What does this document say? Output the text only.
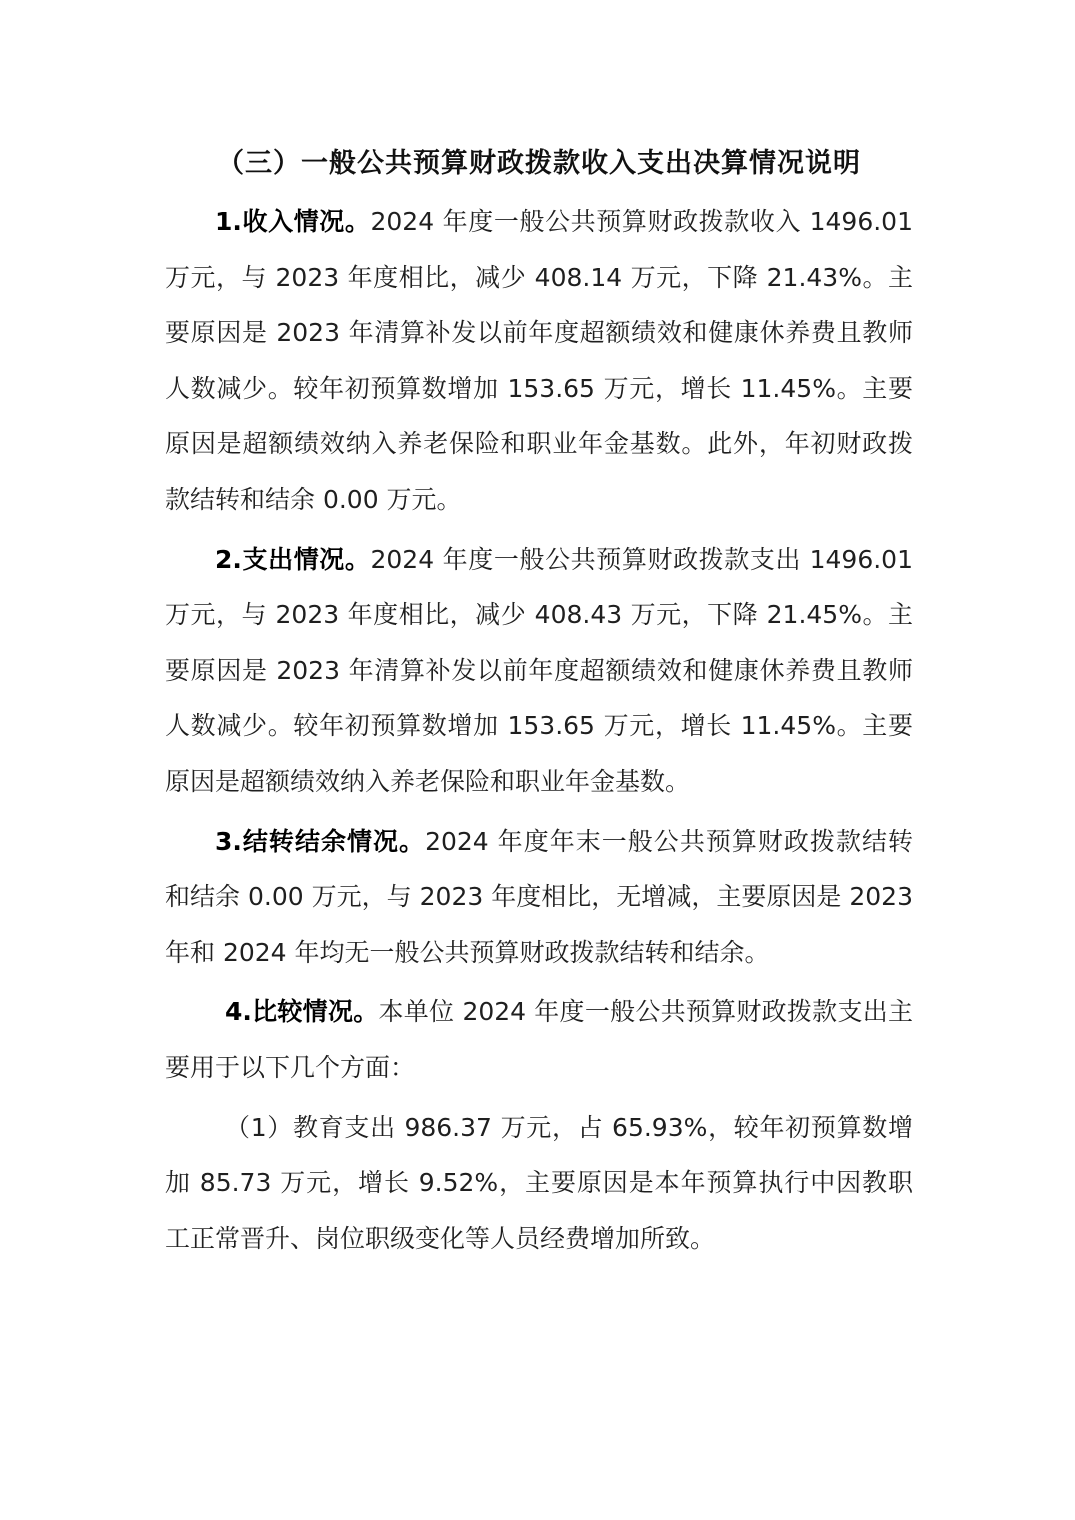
（三）一般公共预算财政拨款收入支出决算情况说明

1.收入情况。2024 年度一般公共预算财政拨款收入 1496.01 万元，与 2023 年度相比，减少 408.14 万元，下降 21.43%。主要原因是 2023 年清算补发以前年度超额绩效和健康休养费且教师人数减少。较年初预算数增加 153.65 万元，增长 11.45%。主要原因是超额绩效纳入养老保险和职业年金基数。此外，年初财政拨款结转和结余 0.00 万元。

2.支出情况。2024 年度一般公共预算财政拨款支出 1496.01 万元，与 2023 年度相比，减少 408.43 万元，下降 21.45%。主要原因是 2023 年清算补发以前年度超额绩效和健康休养费且教师人数减少。较年初预算数增加 153.65 万元，增长 11.45%。主要原因是超额绩效纳入养老保险和职业年金基数。

3.结转结余情况。2024 年度年末一般公共预算财政拨款结转和结余 0.00 万元，与 2023 年度相比，无增减，主要原因是 2023 年和 2024 年均无一般公共预算财政拨款结转和结余。

4.比较情况。本单位 2024 年度一般公共预算财政拨款支出主要用于以下几个方面：

（1）教育支出 986.37 万元，占 65.93%，较年初预算数增加 85.73 万元，增长 9.52%，主要原因是本年预算执行中因教职工正常晋升、岗位职级变化等人员经费增加所致。
